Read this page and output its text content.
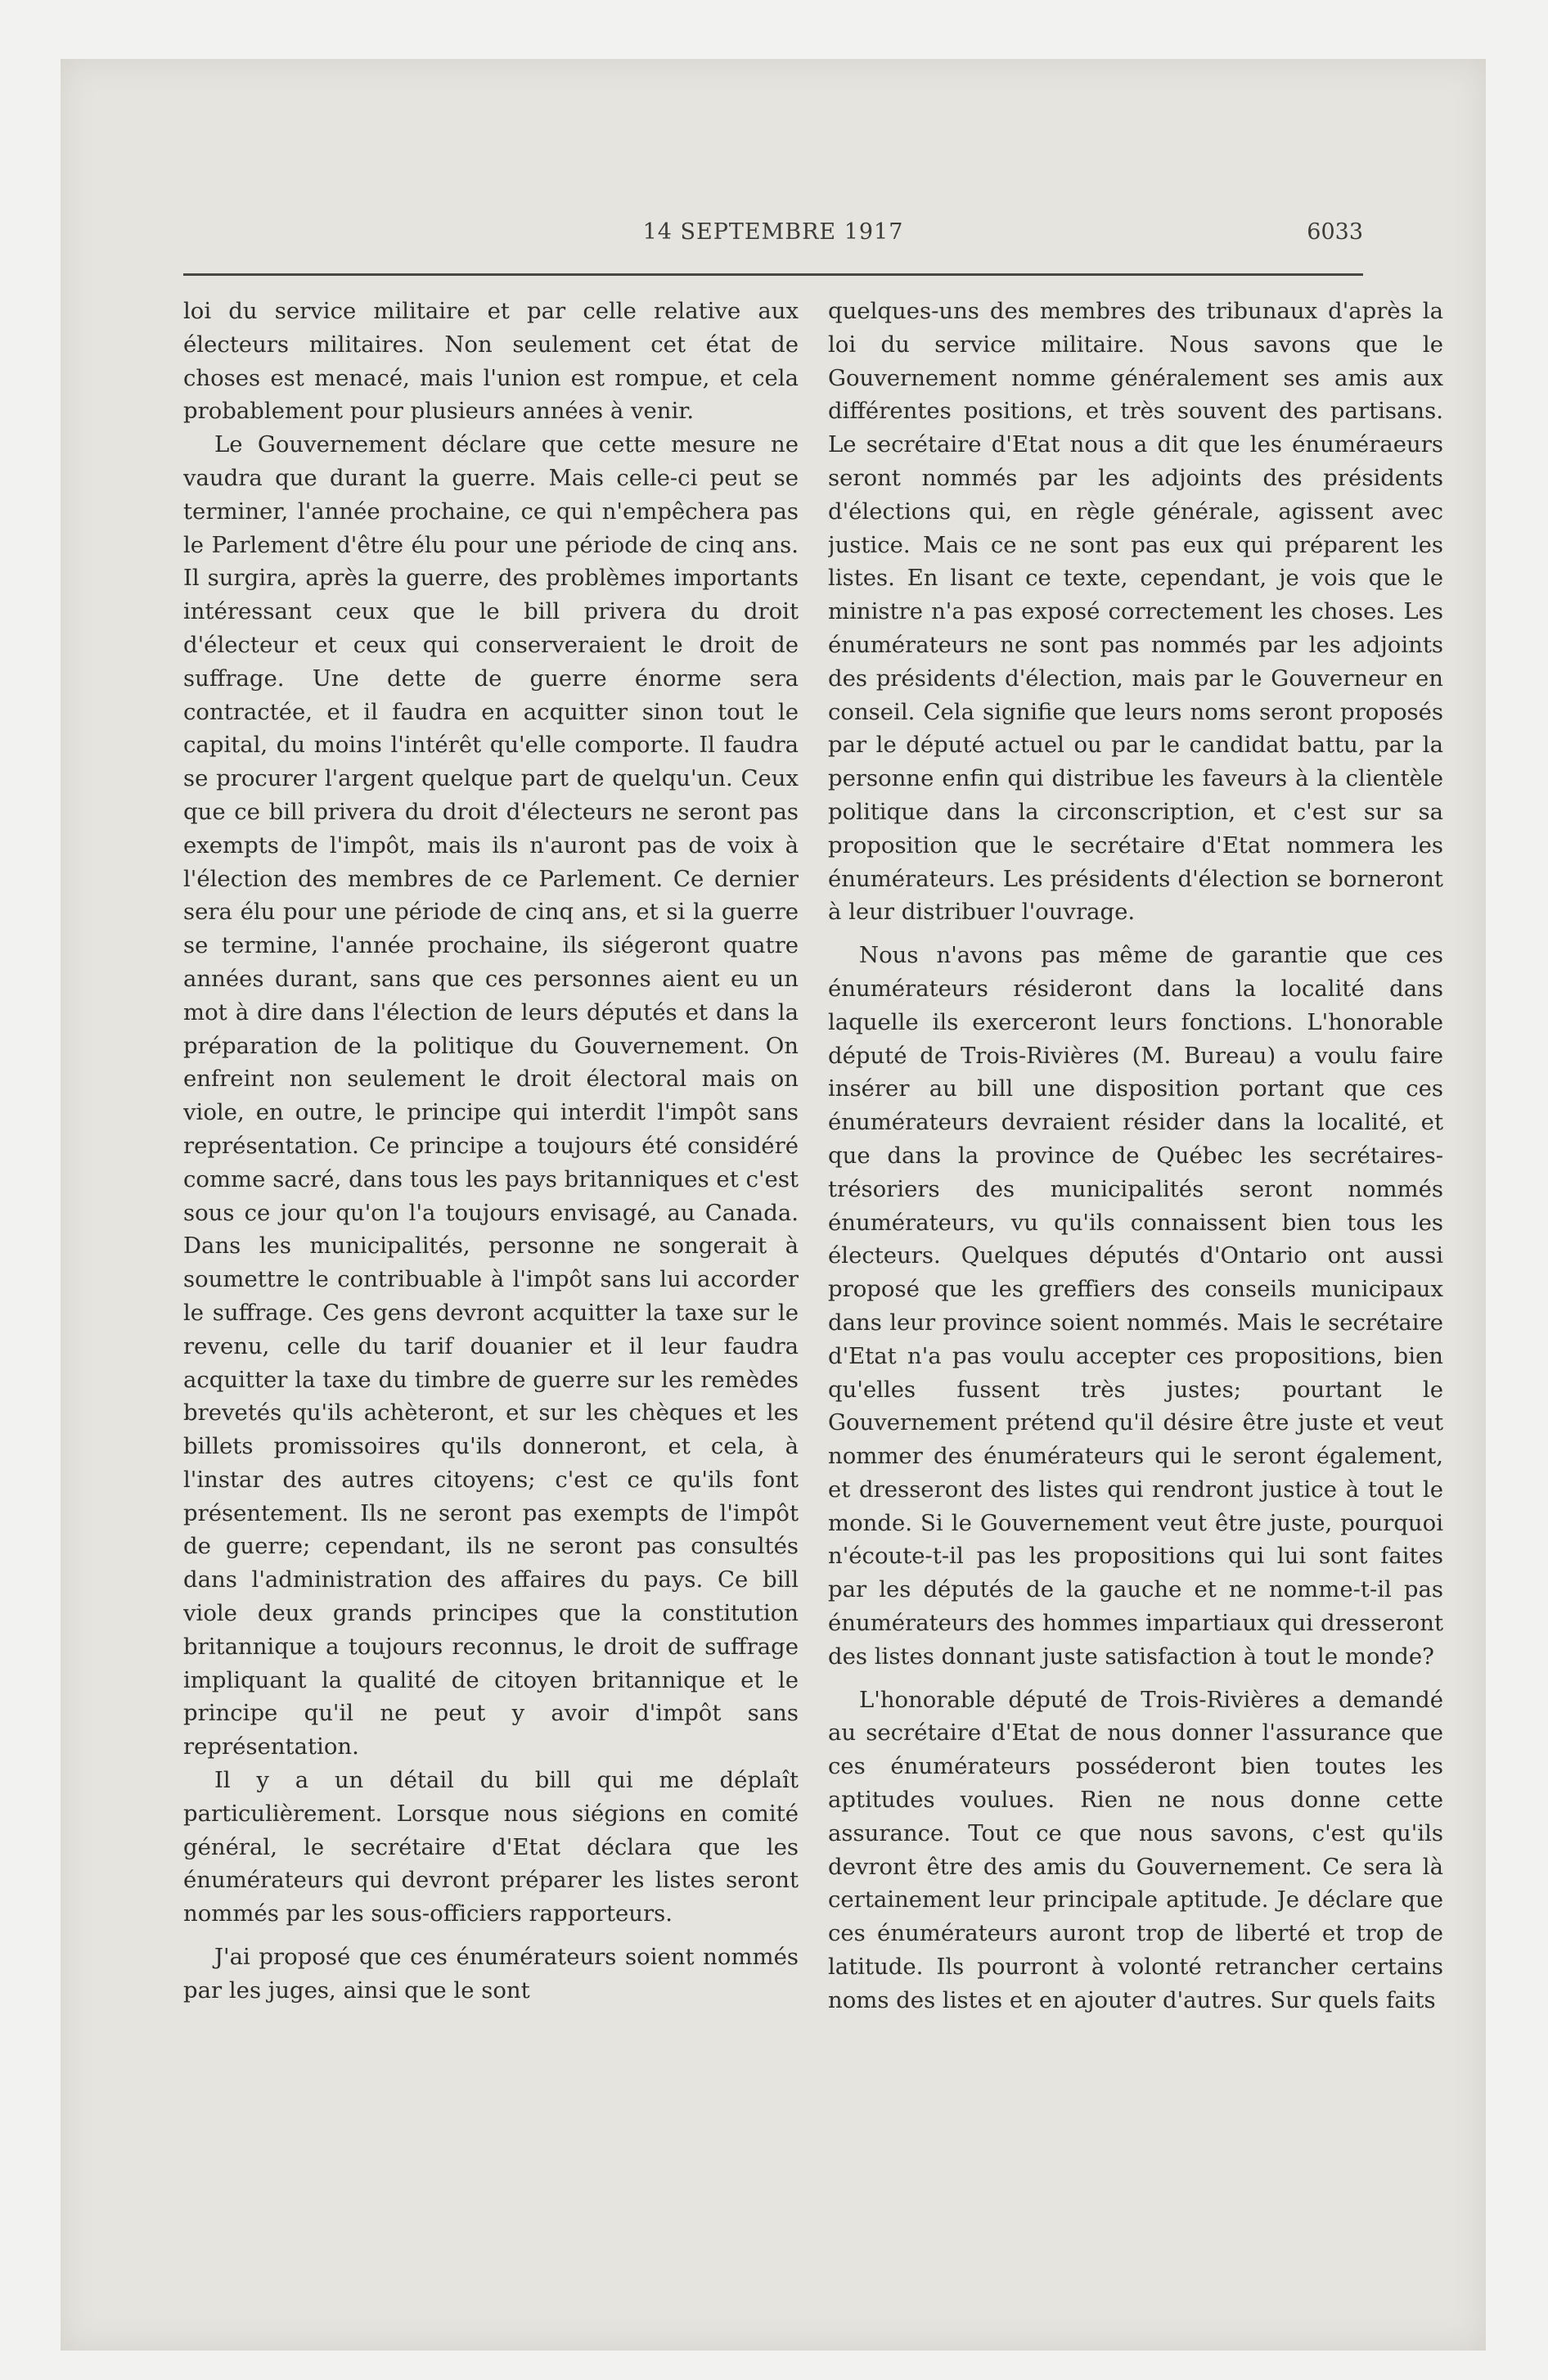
14 SEPTEMBRE 1917	6033

loi du service militaire et par celle relative aux électeurs militaires. Non seulement cet état de choses est menacé, mais l'union est rompue, et cela probablement pour plusieurs années à venir.

Le Gouvernement déclare que cette mesure ne vaudra que durant la guerre. Mais celle-ci peut se terminer, l'année prochaine, ce qui n'empêchera pas le Parlement d'être élu pour une période de cinq ans. Il surgira, après la guerre, des problèmes importants intéressant ceux que le bill privera du droit d'électeur et ceux qui conserveraient le droit de suffrage. Une dette de guerre énorme sera contractée, et il faudra en acquitter sinon tout le capital, du moins l'intérêt qu'elle comporte. Il faudra se procurer l'argent quelque part de quelqu'un. Ceux que ce bill privera du droit d'électeurs ne seront pas exempts de l'impôt, mais ils n'auront pas de voix à l'élection des membres de ce Parlement. Ce dernier sera élu pour une période de cinq ans, et si la guerre se termine, l'année prochaine, ils siégeront quatre années durant, sans que ces personnes aient eu un mot à dire dans l'élection de leurs députés et dans la préparation de la politique du Gouvernement. On enfreint non seulement le droit électoral mais on viole, en outre, le principe qui interdit l'impôt sans représentation. Ce principe a toujours été considéré comme sacré, dans tous les pays britanniques et c'est sous ce jour qu'on l'a toujours envisagé, au Canada. Dans les municipalités, personne ne songerait à soumettre le contribuable à l'impôt sans lui accorder le suffrage. Ces gens devront acquitter la taxe sur le revenu, celle du tarif douanier et il leur faudra acquitter la taxe du timbre de guerre sur les remèdes brevetés qu'ils achèteront, et sur les chèques et les billets promissoires qu'ils donneront, et cela, à l'instar des autres citoyens; c'est ce qu'ils font présentement. Ils ne seront pas exempts de l'impôt de guerre; cependant, ils ne seront pas consultés dans l'administration des affaires du pays. Ce bill viole deux grands principes que la constitution britannique a toujours reconnus, le droit de suffrage impliquant la qualité de citoyen britannique et le principe qu'il ne peut y avoir d'impôt sans représentation.

Il y a un détail du bill qui me déplaît particulièrement. Lorsque nous siégions en comité général, le secrétaire d'Etat déclara que les énumérateurs qui devront préparer les listes seront nommés par les sous-officiers rapporteurs.

J'ai proposé que ces énumérateurs soient nommés par les juges, ainsi que le sont

quelques-uns des membres des tribunaux d'après la loi du service militaire. Nous savons que le Gouvernement nomme généralement ses amis aux différentes positions, et très souvent des partisans. Le secrétaire d'Etat nous a dit que les énuméraeurs seront nommés par les adjoints des présidents d'élections qui, en règle générale, agissent avec justice. Mais ce ne sont pas eux qui préparent les listes. En lisant ce texte, cependant, je vois que le ministre n'a pas exposé correctement les choses. Les énumérateurs ne sont pas nommés par les adjoints des présidents d'élection, mais par le Gouverneur en conseil. Cela signifie que leurs noms seront proposés par le député actuel ou par le candidat battu, par la personne enfin qui distribue les faveurs à la clientèle politique dans la circonscription, et c'est sur sa proposition que le secrétaire d'Etat nommera les énumérateurs. Les présidents d'élection se borneront à leur distribuer l'ouvrage.

Nous n'avons pas même de garantie que ces énumérateurs résideront dans la localité dans laquelle ils exerceront leurs fonctions. L'honorable député de Trois-Rivières (M. Bureau) a voulu faire insérer au bill une disposition portant que ces énumérateurs devraient résider dans la localité, et que dans la province de Québec les secrétaires-trésoriers des municipalités seront nommés énumérateurs, vu qu'ils connaissent bien tous les électeurs. Quelques députés d'Ontario ont aussi proposé que les greffiers des conseils municipaux dans leur province soient nommés. Mais le secrétaire d'Etat n'a pas voulu accepter ces propositions, bien qu'elles fussent très justes; pourtant le Gouvernement prétend qu'il désire être juste et veut nommer des énumérateurs qui le seront également, et dresseront des listes qui rendront justice à tout le monde. Si le Gouvernement veut être juste, pourquoi n'écoute-t-il pas les propositions qui lui sont faites par les députés de la gauche et ne nomme-t-il pas énumérateurs des hommes impartiaux qui dresseront des listes donnant juste satisfaction à tout le monde?

L'honorable député de Trois-Rivières a demandé au secrétaire d'Etat de nous donner l'assurance que ces énumérateurs posséderont bien toutes les aptitudes voulues. Rien ne nous donne cette assurance. Tout ce que nous savons, c'est qu'ils devront être des amis du Gouvernement. Ce sera là certainement leur principale aptitude. Je déclare que ces énumérateurs auront trop de liberté et trop de latitude. Ils pourront à volonté retrancher certains noms des listes et en ajouter d'autres. Sur quels faits
